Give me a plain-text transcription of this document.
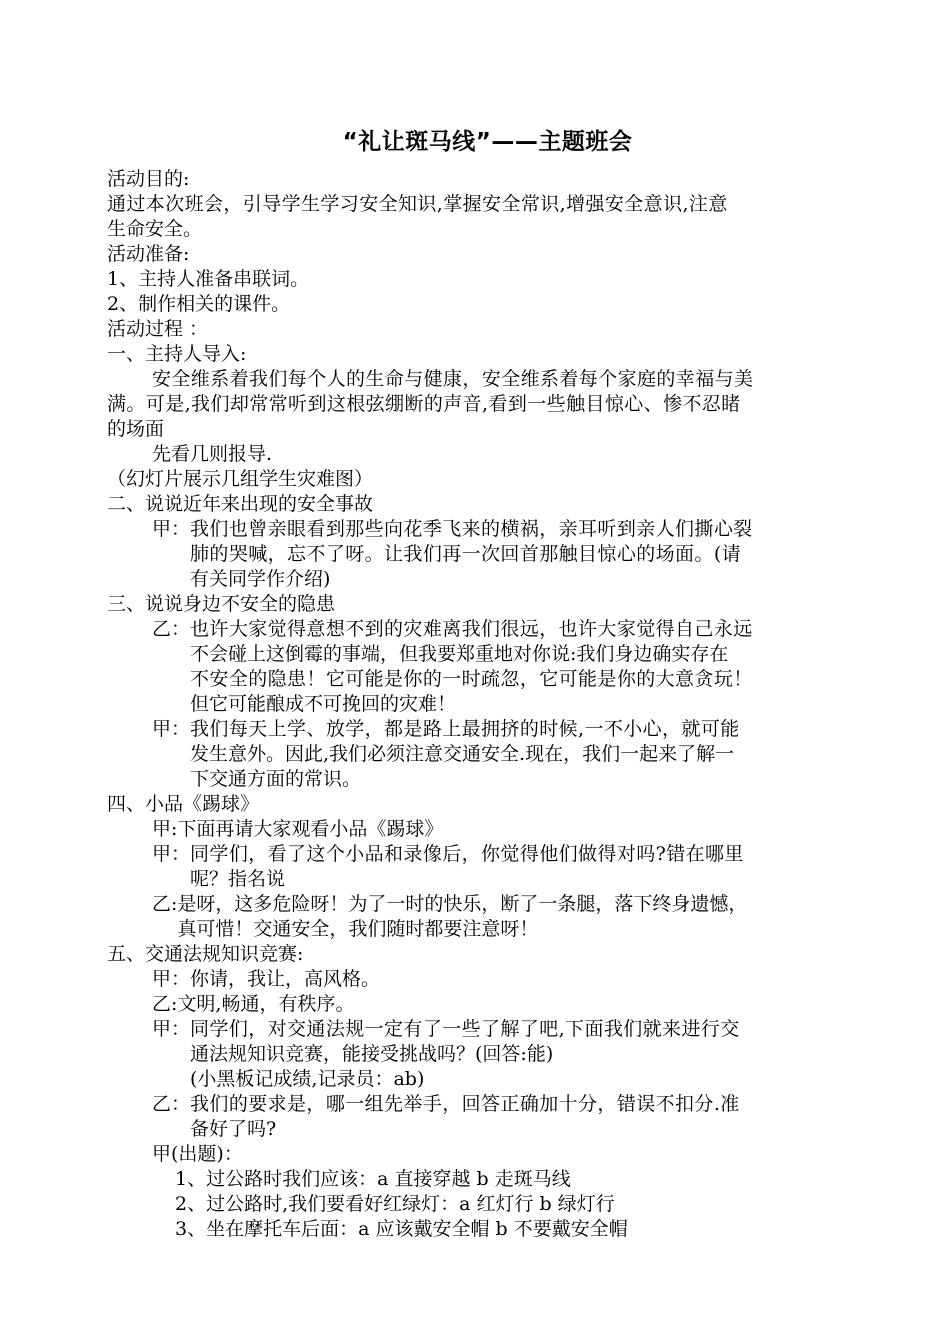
“礼让斑马线”——主题班会
活动目的:
通过本次班会，引导学生学习安全知识,掌握安全常识,增强安全意识,注意
生命安全。
活动准备:
1、主持人准备串联词。
2、制作相关的课件。
活动过程 ：
一、主持人导入:
安全维系着我们每个人的生命与健康，安全维系着每个家庭的幸福与美
满。可是,我们却常常听到这根弦绷断的声音,看到一些触目惊心、惨不忍睹
的场面
先看几则报导.
（幻灯片展示几组学生灾难图）
二、说说近年来出现的安全事故
甲： 我们也曾亲眼看到那些向花季飞来的横祸，亲耳听到亲人们撕心裂
肺的哭喊，忘不了呀。让我们再一次回首那触目惊心的场面。(请
有关同学作介绍)
三、说说身边不安全的隐患
乙： 也许大家觉得意想不到的灾难离我们很远，也许大家觉得自己永远
不会碰上这倒霉的事端，但我要郑重地对你说:我们身边确实存在
不安全的隐患！它可能是你的一时疏忽，它可能是你的大意贪玩！
但它可能酿成不可挽回的灾难！
甲： 我们每天上学、放学，都是路上最拥挤的时候,一不小心，就可能
发生意外。因此,我们必须注意交通安全.现在，我们一起来了解一
下交通方面的常识。
四、小品《踢球》
甲: 下面再请大家观看小品《踢球》
甲： 同学们，看了这个小品和录像后，你觉得他们做得对吗?错在哪里
呢？指名说
乙: 是呀，这多危险呀！为了一时的快乐，断了一条腿，落下终身遗憾，
真可惜！交通安全，我们随时都要注意呀！
五、交通法规知识竞赛:
甲： 你请，我让，高风格。
乙: 文明,畅通，有秩序。
甲： 同学们，对交通法规一定有了一些了解了吧,下面我们就来进行交
通法规知识竞赛，能接受挑战吗？(回答:能)
(小黑板记成绩,记录员：ab)
乙： 我们的要求是，哪一组先举手，回答正确加十分，错误不扣分.准
备好了吗?
甲(出题)：
1、过公路时我们应该：a 直接穿越 b 走斑马线
2、过公路时,我们要看好红绿灯：a 红灯行 b 绿灯行
3、坐在摩托车后面：a 应该戴安全帽 b 不要戴安全帽
